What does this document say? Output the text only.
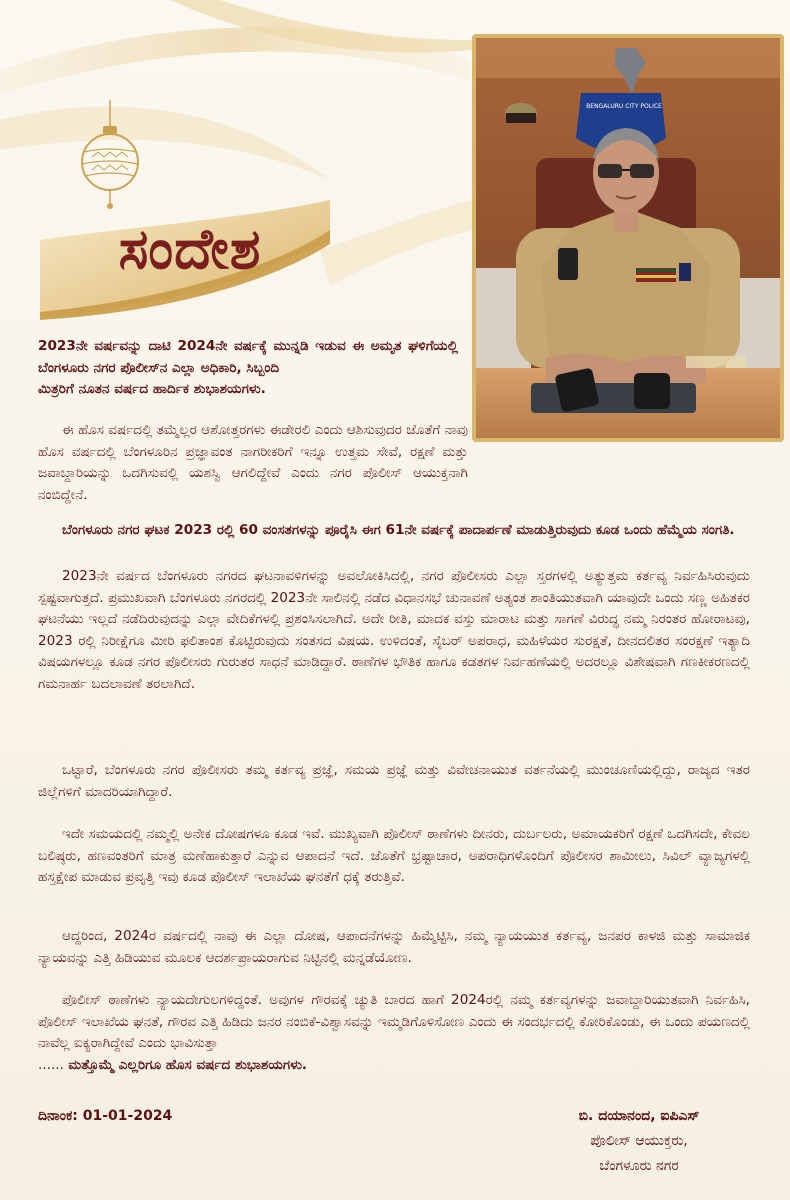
ಸಂದೇಶ
BENGALURU CITY POLICE

2023ನೇ ವರ್ಷವನ್ನು ದಾಟಿ 2024ನೇ ವರ್ಷಕ್ಕೆ ಮುನ್ನಡಿ ಇಡುವ ಈ ಅಮೃತ ಘಳಿಗೆಯಲ್ಲಿ ಬೆಂಗಳೂರು ನಗರ ಪೊಲೀಸ್‌ನ ಎಲ್ಲಾ ಅಧಿಕಾರಿ, ಸಿಬ್ಬಂದಿ

ಮಿತ್ರರಿಗೆ ನೂತನ ವರ್ಷದ ಹಾರ್ದಿಕ ಶುಭಾಶಯಗಳು.

ಈ ಹೊಸ ವರ್ಷದಲ್ಲಿ ತಮ್ಮೆಲ್ಲರ ಆಶೋತ್ತರಗಳು ಈಡೇರಲಿ ಎಂದು ಆಶಿಸುವುದರ ಜೊತೆಗೆ ನಾವು ಹೊಸ ವರ್ಷದಲ್ಲಿ ಬೆಂಗಳೂರಿನ ಪ್ರಜ್ಞಾವಂತ ನಾಗರೀಕರಿಗೆ ಇನ್ನೂ ಉತ್ತಮ ಸೇವೆ, ರಕ್ಷಣೆ ಮತ್ತು ಜವಾಬ್ದಾರಿಯನ್ನು ಒದಗಿಸುವಲ್ಲಿ ಯಶಸ್ವಿ ಆಗಲಿದ್ದೇವೆ ಎಂದು ನಗರ ಪೊಲೀಸ್ ಆಯುಕ್ತನಾಗಿ ನಂಬಿದ್ದೇನೆ.

ಬೆಂಗಳೂರು ನಗರ ಘಟಕ 2023 ರಲ್ಲಿ 60 ವಂಸತಗಳನ್ನು ಪೂರೈಸಿ ಈಗ 61ನೇ ವರ್ಷಕ್ಕೆ ಪಾದಾರ್ಪಣೆ ಮಾಡುತ್ತಿರುವುದು ಕೂಡ ಒಂದು ಹೆಮ್ಮೆಯ ಸಂಗತಿ.

2023ನೇ ವರ್ಷದ ಬೆಂಗಳೂರು ನಗರದ ಘಟನಾವಳಿಗಳನ್ನು ಅವಲೋಕಿಸಿದಲ್ಲಿ, ನಗರ ಪೊಲೀಸರು ಎಲ್ಲಾ ಸ್ತರಗಳಲ್ಲಿ ಅತ್ಯುತ್ತಮ ಕರ್ತವ್ಯ ನಿರ್ವಹಿಸಿರುವುದು ಸ್ಪಷ್ಟವಾಗುತ್ತದೆ. ಪ್ರಮುಖವಾಗಿ ಬೆಂಗಳೂರು ನಗರದಲ್ಲಿ 2023ನೇ ಸಾಲಿನಲ್ಲಿ ನಡೆದ ವಿಧಾನಸಭೆ ಚುನಾವಣೆ ಅತ್ಯಂತ ಶಾಂತಿಯುತವಾಗಿ ಯಾವುದೇ ಒಂದು ಸಣ್ಣ ಅಹಿತಕರ ಘಟನೆಯು ಇಲ್ಲದೆ ನಡೆದಿರುವುದನ್ನು ಎಲ್ಲಾ ವೇದಿಕೆಗಳಲ್ಲಿ ಪ್ರಶಂಸಿಸಲಾಗಿದೆ. ಅದೇ ರೀತಿ, ಮಾದಕ ವಸ್ತು ಮಾರಾಟ ಮತ್ತು ಸಾಗಣೆ ವಿರುದ್ಧ ನಮ್ಮ ನಿರಂತರ ಹೋರಾಟವು, 2023 ರಲ್ಲಿ ನಿರೀಕ್ಷೆಗೂ ಮೀರಿ ಫಲಿತಾಂಶ ಕೊಟ್ಟಿರುವುದು ಸಂತಸದ ವಿಷಯ. ಉಳಿದಂತೆ, ಸೈಬರ್ ಅಪರಾಧ, ಮಹಿಳೆಯರ ಸುರಕ್ಷತೆ, ದೀನದಲಿತರ ಸಂರಕ್ಷಣೆ ಇತ್ಯಾದಿ ವಿಷಯಗಳಲ್ಲೂ ಕೂಡ ನಗರ ಪೊಲೀಸರು ಗುರುತರ ಸಾಧನೆ ಮಾಡಿದ್ದಾರೆ. ಠಾಣೆಗಳ ಭೌತಿಕ ಹಾಗೂ ಕಡತಗಳ ನಿರ್ವಹಣೆಯಲ್ಲಿ ಅದರಲ್ಲೂ ವಿಶೇಷವಾಗಿ ಗಣಕೀಕರಣದಲ್ಲಿ ಗಮನಾರ್ಹ ಬದಲಾವಣೆ ತರಲಾಗಿದೆ.

ಒಟ್ಟಾರೆ, ಬೆಂಗಳೂರು ನಗರ ಪೊಲೀಸರು ತಮ್ಮ ಕರ್ತವ್ಯ ಪ್ರಜ್ಞೆ, ಸಮಯ ಪ್ರಜ್ಞೆ ಮತ್ತು ವಿವೇಚನಾಯುತ ವರ್ತನೆಯಲ್ಲಿ ಮುಂಚೂಣಿಯಲ್ಲಿದ್ದು, ರಾಜ್ಯದ ಇತರ ಜಿಲ್ಲೆಗಳಿಗೆ ಮಾದರಿಯಾಗಿದ್ದಾರೆ.

ಇದೇ ಸಮಯದಲ್ಲಿ ನಮ್ಮಲ್ಲಿ ಅನೇಕ ದೋಷಗಳೂ ಕೂಡ ಇವೆ. ಮುಖ್ಯವಾಗಿ ಪೊಲೀಸ್ ಠಾಣೆಗಳು ದೀನರು, ದುರ್ಬಲರು, ಅಮಾಯಕರಿಗೆ ರಕ್ಷಣೆ ಒದಗಿಸದೇ, ಕೇವಲ ಬಲಿಷ್ಠರು, ಹಣವಂತರಿಗೆ ಮಾತ್ರ ಮಣೆಹಾಕುತ್ತಾರೆ ಎನ್ನುವ ಆಪಾದನೆ ಇದೆ. ಜೊತೆಗೆ ಭ್ರಷ್ಟಾಚಾರ, ಅಪರಾಧಿಗಳೊಂದಿಗೆ ಪೊಲೀಸರ ಶಾಮೀಲು, ಸಿವಿಲ್ ವ್ಯಾಜ್ಯಗಳಲ್ಲಿ ಹಸ್ತಕ್ಷೇಪ ಮಾಡುವ ಪ್ರವೃತ್ತಿ ಇವು ಕೂಡ ಪೊಲೀಸ್ ಇಲಾಖೆಯ ಘನತೆಗೆ ಧಕ್ಕೆ ತರುತ್ತಿವೆ.

ಆದ್ದರಿಂದ, 2024ರ ವರ್ಷದಲ್ಲಿ ನಾವು ಈ ಎಲ್ಲಾ ದೋಷ, ಆಪಾದನೆಗಳನ್ನು ಹಿಮ್ಮೆಟ್ಟಿಸಿ, ನಮ್ಮ ನ್ಯಾಯಯುತ ಕರ್ತವ್ಯ, ಜನಪರ ಕಾಳಜಿ ಮತ್ತು ಸಾಮಾಜಿಕ ನ್ಯಾಯವನ್ನು ಎತ್ತಿ ಹಿಡಿಯುವ ಮೂಲಕ ಆದರ್ಶಪ್ರಾಯರಾಗುವ ನಿಟ್ಟಿನಲ್ಲಿ ಮನ್ನಡೆಯೋಣ.

ಪೊಲೀಸ್ ಠಾಣೆಗಳು ನ್ಯಾಯದೇಗುಲಗಳಿದ್ದಂತೆ. ಅವುಗಳ ಗೌರವಕ್ಕೆ ಚ್ಯುತಿ ಬಾರದ ಹಾಗೆ 2024ರಲ್ಲಿ ನಮ್ಮ ಕರ್ತವ್ಯಗಳನ್ನು ಜವಾಬ್ದಾರಿಯುತವಾಗಿ ನಿರ್ವಹಿಸಿ, ಪೊಲೀಸ್ ಇಲಾಖೆಯ ಘನತೆ, ಗೌರವ ಎತ್ತಿ ಹಿಡಿದು ಜನರ ನಂಬಿಕೆ-ವಿಶ್ವಾಸವನ್ನು ಇಮ್ಮಡಿಗೊಳಿಸೋಣ ಎಂದು ಈ ಸಂದರ್ಭದಲ್ಲಿ ಕೋರಿಕೊಂಡು, ಈ ಒಂದು ಪಯಣದಲ್ಲಿ ನಾವೆಲ್ಲ ಐಕ್ಯರಾಗಿದ್ದೇವೆ ಎಂದು ಭಾವಿಸುತ್ತಾ
...... ಮತ್ತೊಮ್ಮೆ ಎಲ್ಲರಿಗೂ ಹೊಸ ವರ್ಷದ ಶುಭಾಶಯಗಳು.

ದಿನಾಂಕ: 01-01-2024	ಬಿ. ದಯಾನಂದ, ಐಪಿಎಸ್
ಪೊಲೀಸ್ ಆಯುಕ್ತರು,
ಬೆಂಗಳೂರು ನಗರ
